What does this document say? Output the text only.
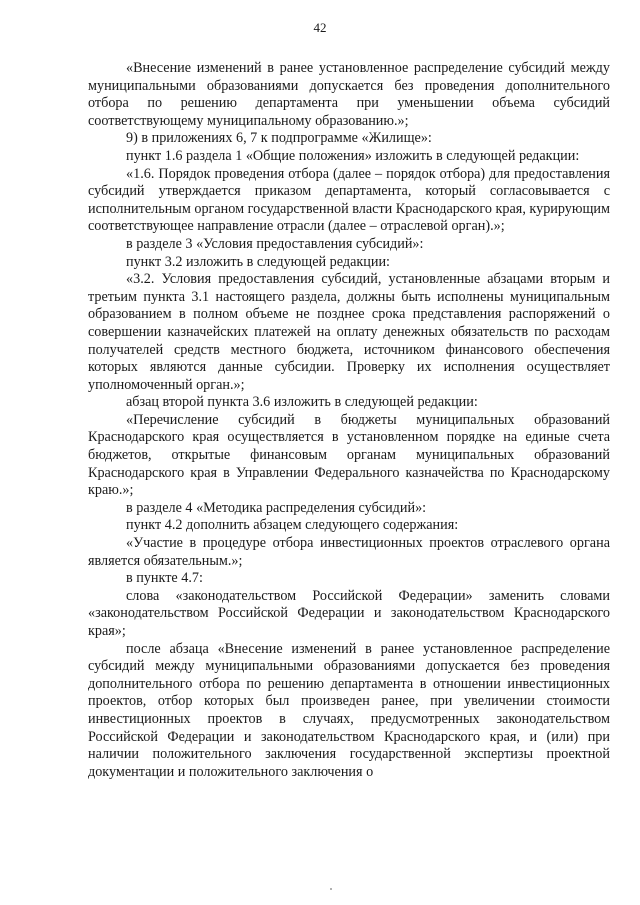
42

«Внесение изменений в ранее установленное распределение субсидий между муниципальными образованиями допускается без проведения дополнительного отбора по решению департамента при уменьшении объема субсидий соответствующему муниципальному образованию.»;

9) в приложениях 6, 7 к подпрограмме «Жилище»:

пункт 1.6 раздела 1 «Общие положения» изложить в следующей редакции:

«1.6. Порядок проведения отбора (далее – порядок отбора) для предоставления субсидий утверждается приказом департамента, который согласовывается с исполнительным органом государственной власти Краснодарского края, курирующим соответствующее направление отрасли (далее – отраслевой орган).»;

в разделе 3 «Условия предоставления субсидий»:

пункт 3.2 изложить в следующей редакции:

«3.2. Условия предоставления субсидий, установленные абзацами вторым и третьим пункта 3.1 настоящего раздела, должны быть исполнены муниципальным образованием в полном объеме не позднее срока представления распоряжений о совершении казначейских платежей на оплату денежных обязательств по расходам получателей средств местного бюджета, источником финансового обеспечения которых являются данные субсидии. Проверку их исполнения осуществляет уполномоченный орган.»;

абзац второй пункта 3.6 изложить в следующей редакции:

«Перечисление субсидий в бюджеты муниципальных образований Краснодарского края осуществляется в установленном порядке на единые счета бюджетов, открытые финансовым органам муниципальных образований Краснодарского края в Управлении Федерального казначейства по Краснодарскому краю.»;

в разделе 4 «Методика распределения субсидий»:

пункт 4.2 дополнить абзацем следующего содержания:

«Участие в процедуре отбора инвестиционных проектов отраслевого органа является обязательным.»;

в пункте 4.7:

слова «законодательством Российской Федерации» заменить словами «законодательством Российской Федерации и законодательством Краснодарского края»;

после абзаца «Внесение изменений в ранее установленное распределение субсидий между муниципальными образованиями допускается без проведения дополнительного отбора по решению департамента в отношении инвестиционных проектов, отбор которых был произведен ранее, при увеличении стоимости инвестиционных проектов в случаях, предусмотренных законодательством Российской Федерации и законодательством Краснодарского края, и (или) при наличии положительного заключения государственной экспертизы проектной документации и положительного заключения о
